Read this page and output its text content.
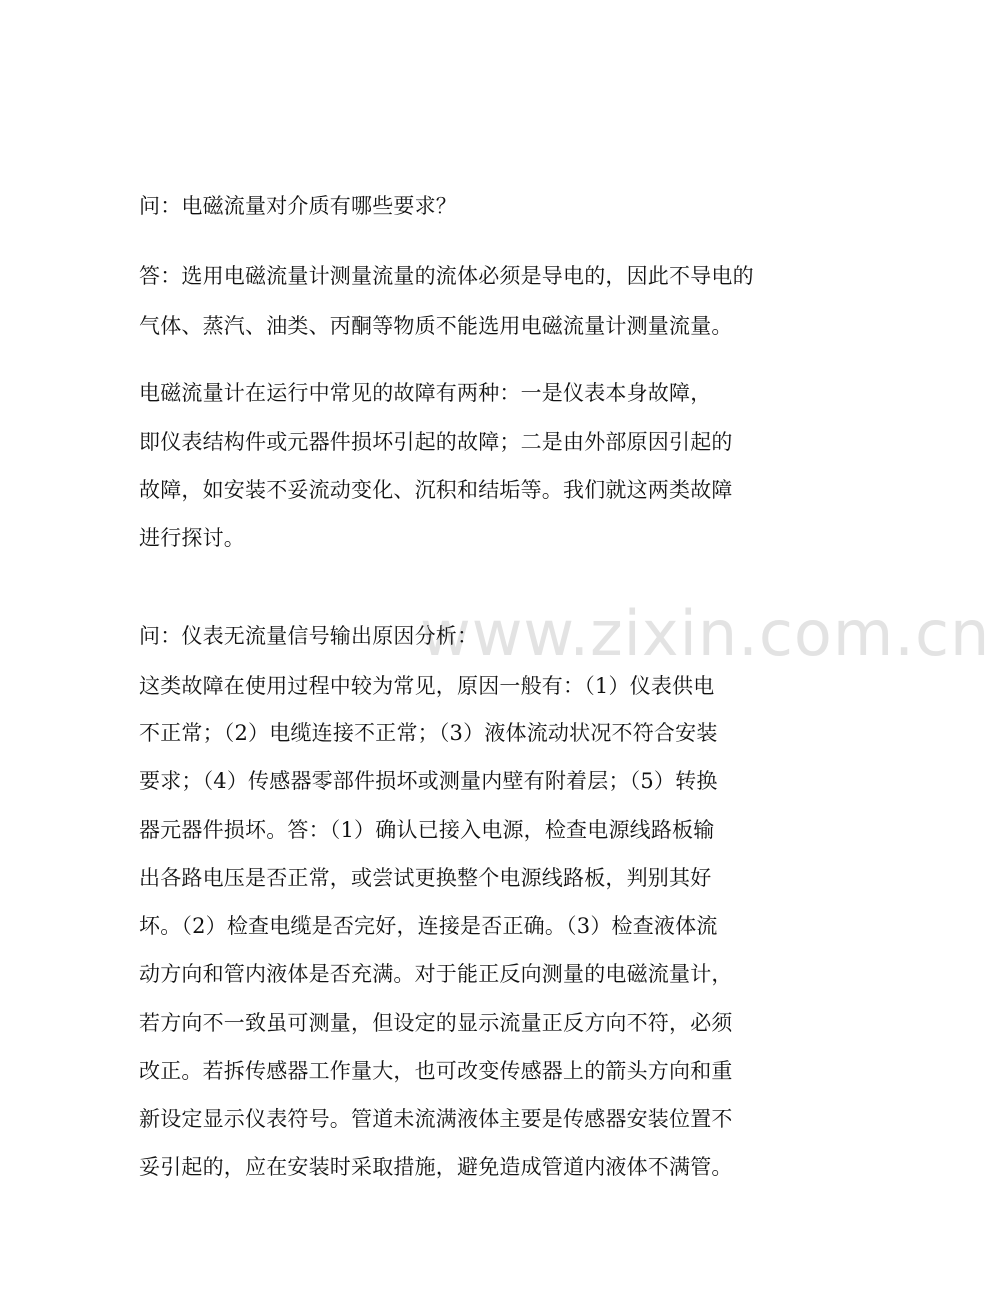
www.zixin.com.cn
问：电磁流量对介质有哪些要求？
答：选用电磁流量计测量流量的流体必须是导电的，因此不导电的
气体、蒸汽、油类、丙酮等物质不能选用电磁流量计测量流量。
电磁流量计在运行中常见的故障有两种：一是仪表本身故障，
即仪表结构件或元器件损坏引起的故障；二是由外部原因引起的
故障，如安装不妥流动变化、沉积和结垢等。我们就这两类故障
进行探讨。
问：仪表无流量信号输出原因分析：
这类故障在使用过程中较为常见，原因一般有：（1）仪表供电
不正常；（2）电缆连接不正常；（3）液体流动状况不符合安装
要求；（4）传感器零部件损坏或测量内壁有附着层；（5）转换
器元器件损坏。答：（1）确认已接入电源，检查电源线路板输
出各路电压是否正常，或尝试更换整个电源线路板，判别其好
坏。（2）检查电缆是否完好，连接是否正确。（3）检查液体流
动方向和管内液体是否充满。对于能正反向测量的电磁流量计，
若方向不一致虽可测量，但设定的显示流量正反方向不符，必须
改正。若拆传感器工作量大，也可改变传感器上的箭头方向和重
新设定显示仪表符号。管道未流满液体主要是传感器安装位置不
妥引起的，应在安装时采取措施，避免造成管道内液体不满管。
